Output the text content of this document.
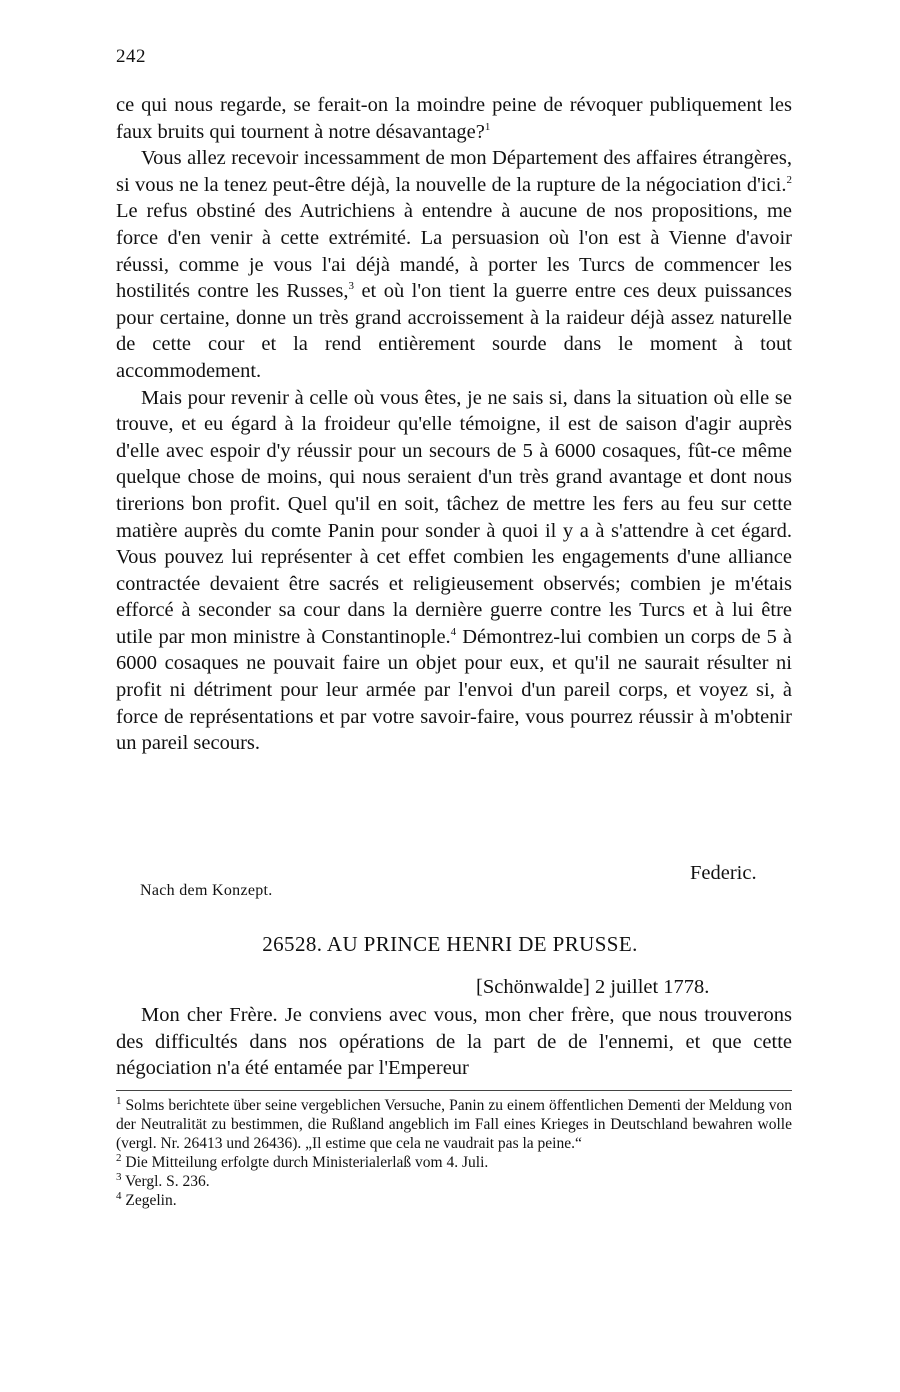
242

ce qui nous regarde, se ferait-on la moindre peine de révoquer publiquement les faux bruits qui tournent à notre désavantage?$^1$

Vous allez recevoir incessamment de mon Département des affaires étrangères, si vous ne la tenez peut-être déjà, la nouvelle de la rupture de la négociation d'ici.$^2$ Le refus obstiné des Autrichiens à entendre à aucune de nos propositions, me force d'en venir à cette extrémité. La persuasion où l'on est à Vienne d'avoir réussi, comme je vous l'ai déjà mandé, à porter les Turcs de commencer les hostilités contre les Russes,$^3$ et où l'on tient la guerre entre ces deux puissances pour certaine, donne un très grand accroissement à la raideur déjà assez naturelle de cette cour et la rend entièrement sourde dans le moment à tout accommodement.

Mais pour revenir à celle où vous êtes, je ne sais si, dans la situation où elle se trouve, et eu égard à la froideur qu'elle témoigne, il est de saison d'agir auprès d'elle avec espoir d'y réussir pour un secours de 5 à 6000 cosaques, fût-ce même quelque chose de moins, qui nous seraient d'un très grand avantage et dont nous tirerions bon profit. Quel qu'il en soit, tâchez de mettre les fers au feu sur cette matière auprès du comte Panin pour sonder à quoi il y a à s'attendre à cet égard. Vous pouvez lui représenter à cet effet combien les engagements d'une alliance contractée devaient être sacrés et religieusement observés; combien je m'étais efforcé à seconder sa cour dans la dernière guerre contre les Turcs et à lui être utile par mon ministre à Constantinople.$^4$ Démontrez-lui combien un corps de 5 à 6000 cosaques ne pouvait faire un objet pour eux, et qu'il ne saurait résulter ni profit ni détriment pour leur armée par l'envoi d'un pareil corps, et voyez si, à force de représentations et par votre savoir-faire, vous pourrez réussir à m'obtenir un pareil secours.

Federic.
Nach dem Konzept.
26528. AU PRINCE HENRI DE PRUSSE.
[Schönwalde] 2 juillet 1778.

Mon cher Frère. Je conviens avec vous, mon cher frère, que nous trouverons des difficultés dans nos opérations de la part de de l'ennemi, et que cette négociation n'a été entamée par l'Empereur

$^1$ Solms berichtete über seine vergeblichen Versuche, Panin zu einem öffentlichen Dementi der Meldung von der Neutralität zu bestimmen, die Rußland angeblich im Fall eines Krieges in Deutschland bewahren wolle (vergl. Nr. 26413 und 26436). „Il estime que cela ne vaudrait pas la peine.“

$^2$ Die Mitteilung erfolgte durch Ministerialerlaß vom 4. Juli.

$^3$ Vergl. S. 236.

$^4$ Zegelin.
